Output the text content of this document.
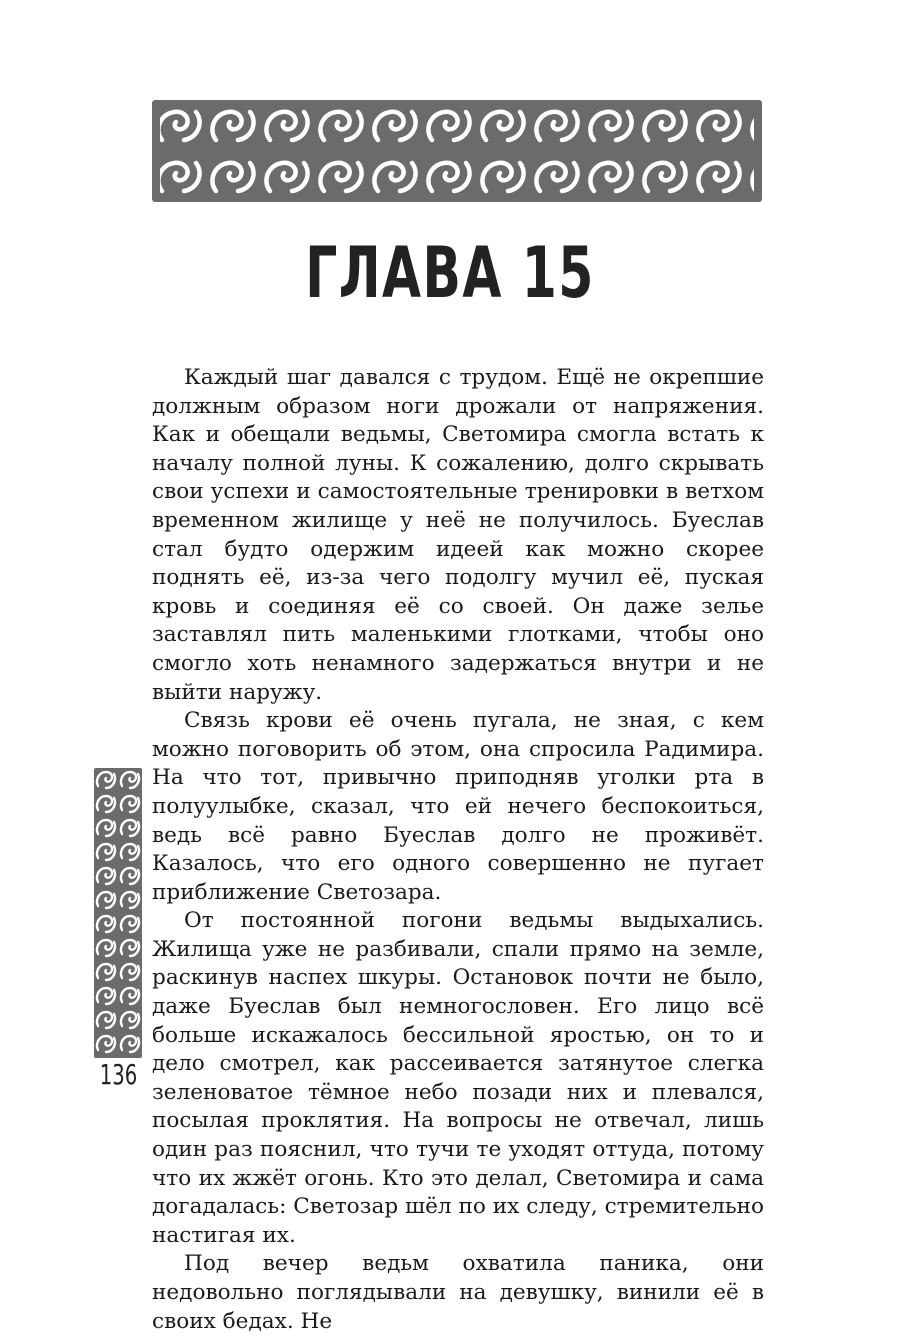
ГЛАВА 15

Каждый шаг давался с трудом. Ещё не окрепшие должным образом ноги дрожали от напряжения. Как и обещали ведьмы, Светомира смогла встать к началу полной луны. К сожалению, долго скрывать свои успехи и самостоятельные тренировки в ветхом временном жилище у неё не получилось. Буеслав стал будто одержим идеей как можно скорее поднять её, из-за чего подолгу мучил её, пуская кровь и соединяя её со своей. Он даже зелье заставлял пить маленькими глотками, чтобы оно смогло хоть ненамного задержаться внутри и не выйти наружу.

Связь крови её очень пугала, не зная, с кем можно поговорить об этом, она спросила Радимира. На что тот, привычно приподняв уголки рта в полуулыбке, сказал, что ей нечего беспокоиться, ведь всё равно Буеслав долго не проживёт. Казалось, что его одного совершенно не пугает приближение Светозара.

От постоянной погони ведьмы выдыхались. Жилища уже не разбивали, спали прямо на земле, раскинув наспех шкуры. Остановок почти не было, даже Буеслав был немногословен. Его лицо всё больше искажалось бессильной яростью, он то и дело смотрел, как рассеивается затянутое слегка зеленоватое тёмное небо позади них и плевался, посылая проклятия. На вопросы не отвечал, лишь один раз пояснил, что тучи те уходят оттуда, потому что их жжёт огонь. Кто это делал, Светомира и сама догадалась: Светозар шёл по их следу, стремительно настигая их.

Под вечер ведьм охватила паника, они недовольно поглядывали на девушку, винили её в своих бедах. Не

136
